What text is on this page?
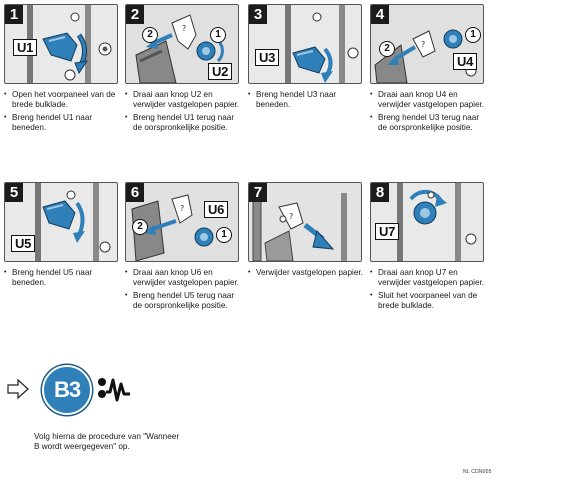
1
U1
• Open het voorpaneel van de brede bulklade.
• Breng hendel U1 naar beneden.
2
?
2	1
U2
• Draai aan knop U2 en verwijder vastgelopen papier.
• Breng hendel U1 terug naar de oorspronkelijke positie.
3
U3
• Breng hendel U3 naar beneden.
4
?
2
1
U4
• Draai aan knop U4 en verwijder vastgelopen papier.
• Breng hendel U3 terug naar de oorspronkelijke positie.
5
U5
• Breng hendel U5 naar beneden.
6
?
2
1
U6
• Draai aan knop U6 en verwijder vastgelopen papier.
• Breng hendel U5 terug naar de oorspronkelijke positie.
7
?
• Verwijder vastgelopen papier.
8
U7
• Draai aan knop U7 en verwijder vastgelopen papier.
• Sluit het voorpaneel van de brede bulklade.
B3
Volg hierna de procedure van "Wanneer
B wordt weergegeven" op.
NL CDN005
